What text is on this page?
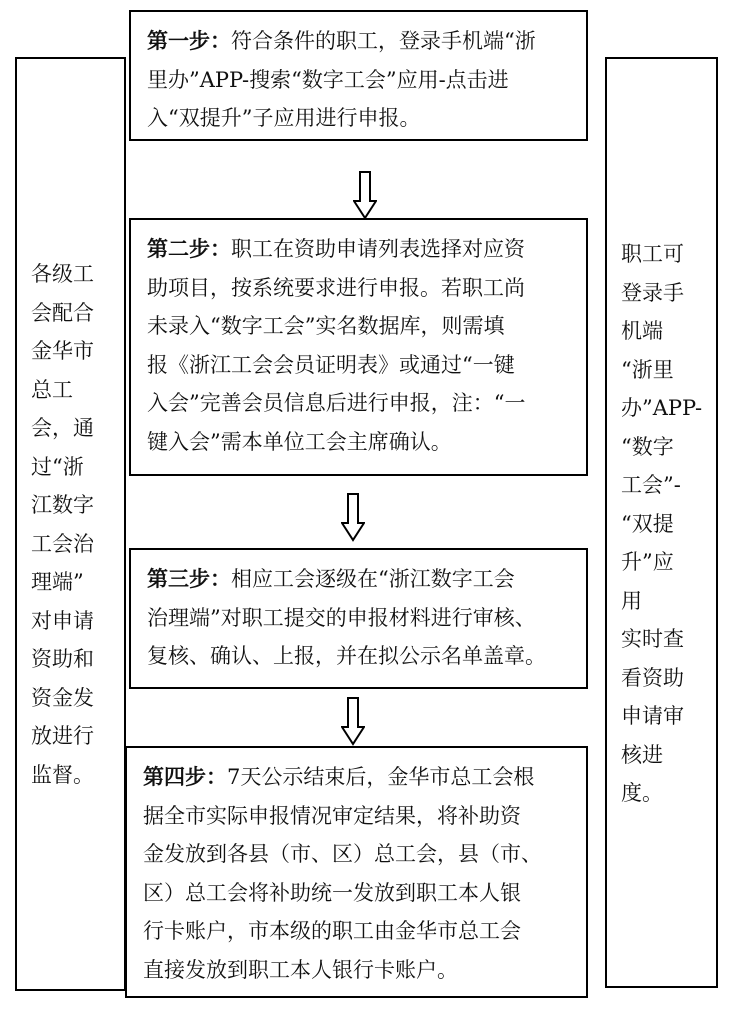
各级工
会配合
金华市
总工
会，通
过“浙
江数字
工会治
理端”
对申请
资助和
资金发
放进行
监督。
职工可
登录手
机端
“浙里
办”APP-
“数字
工会”-
“双提
升”应
用
实时查
看资助
申请审
核进
度。
第一步：符合条件的职工，登录手机端“浙
里办”APP-搜索“数字工会”应用-点击进
入“双提升”子应用进行申报。
第二步：职工在资助申请列表选择对应资
助项目，按系统要求进行申报。若职工尚
未录入“数字工会”实名数据库，则需填
报《浙江工会会员证明表》或通过“一键
入会”完善会员信息后进行申报，注：“一
键入会”需本单位工会主席确认。
第三步：相应工会逐级在“浙江数字工会
治理端”对职工提交的申报材料进行审核、
复核、确认、上报，并在拟公示名单盖章。
第四步：7天公示结束后，金华市总工会根
据全市实际申报情况审定结果，将补助资
金发放到各县（市、区）总工会，县（市、
区）总工会将补助统一发放到职工本人银
行卡账户，市本级的职工由金华市总工会
直接发放到职工本人银行卡账户。
